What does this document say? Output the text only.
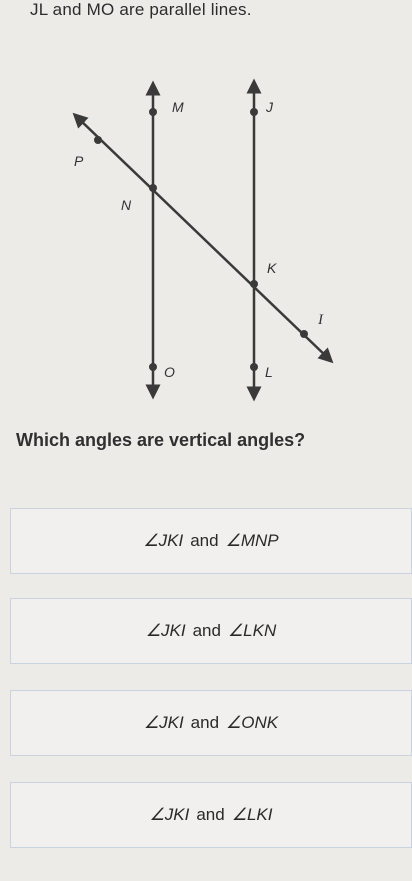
$\overline{JL}$ and $\overline{MO}$ are parallel lines.
M	J
P
N
K
I
O	L
Which angles are vertical angles?
∠JKI and ∠MNP
∠JKI and ∠LKN
∠JKI and ∠ONK
∠JKI and ∠LKI
